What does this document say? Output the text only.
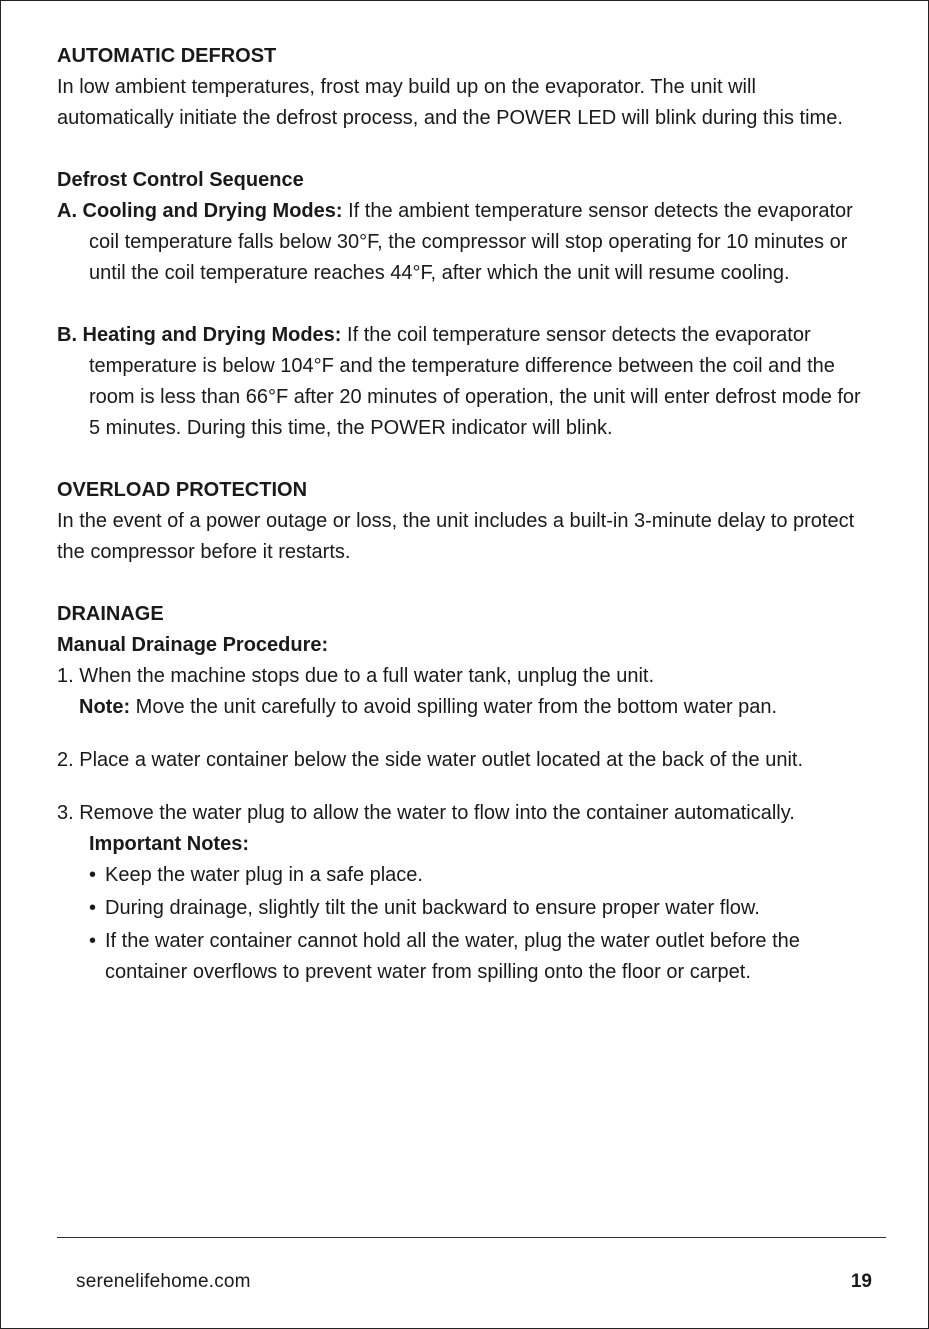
AUTOMATIC DEFROST

In low ambient temperatures, frost may build up on the evaporator. The unit will automatically initiate the defrost process, and the POWER LED will blink during this time.

Defrost Control Sequence

A. Cooling and Drying Modes: If the ambient temperature sensor detects the evaporator coil temperature falls below 30°F, the compressor will stop operating for 10 minutes or until the coil temperature reaches 44°F, after which the unit will resume cooling.

B. Heating and Drying Modes: If the coil temperature sensor detects the evaporator temperature is below 104°F and the temperature difference between the coil and the room is less than 66°F after 20 minutes of operation, the unit will enter defrost mode for 5 minutes. During this time, the POWER indicator will blink.

OVERLOAD PROTECTION

In the event of a power outage or loss, the unit includes a built-in 3-minute delay to protect the compressor before it restarts.

DRAINAGE

Manual Drainage Procedure:

1. When the machine stops due to a full water tank, unplug the unit.

Note: Move the unit carefully to avoid spilling water from the bottom water pan.

2. Place a water container below the side water outlet located at the back of the unit.

3. Remove the water plug to allow the water to flow into the container automatically.

Important Notes:

• Keep the water plug in a safe place.
• During drainage, slightly tilt the unit backward to ensure proper water flow.
• If the water container cannot hold all the water, plug the water outlet before the container overflows to prevent water from spilling onto the floor or carpet.
serenelifehome.com	19
